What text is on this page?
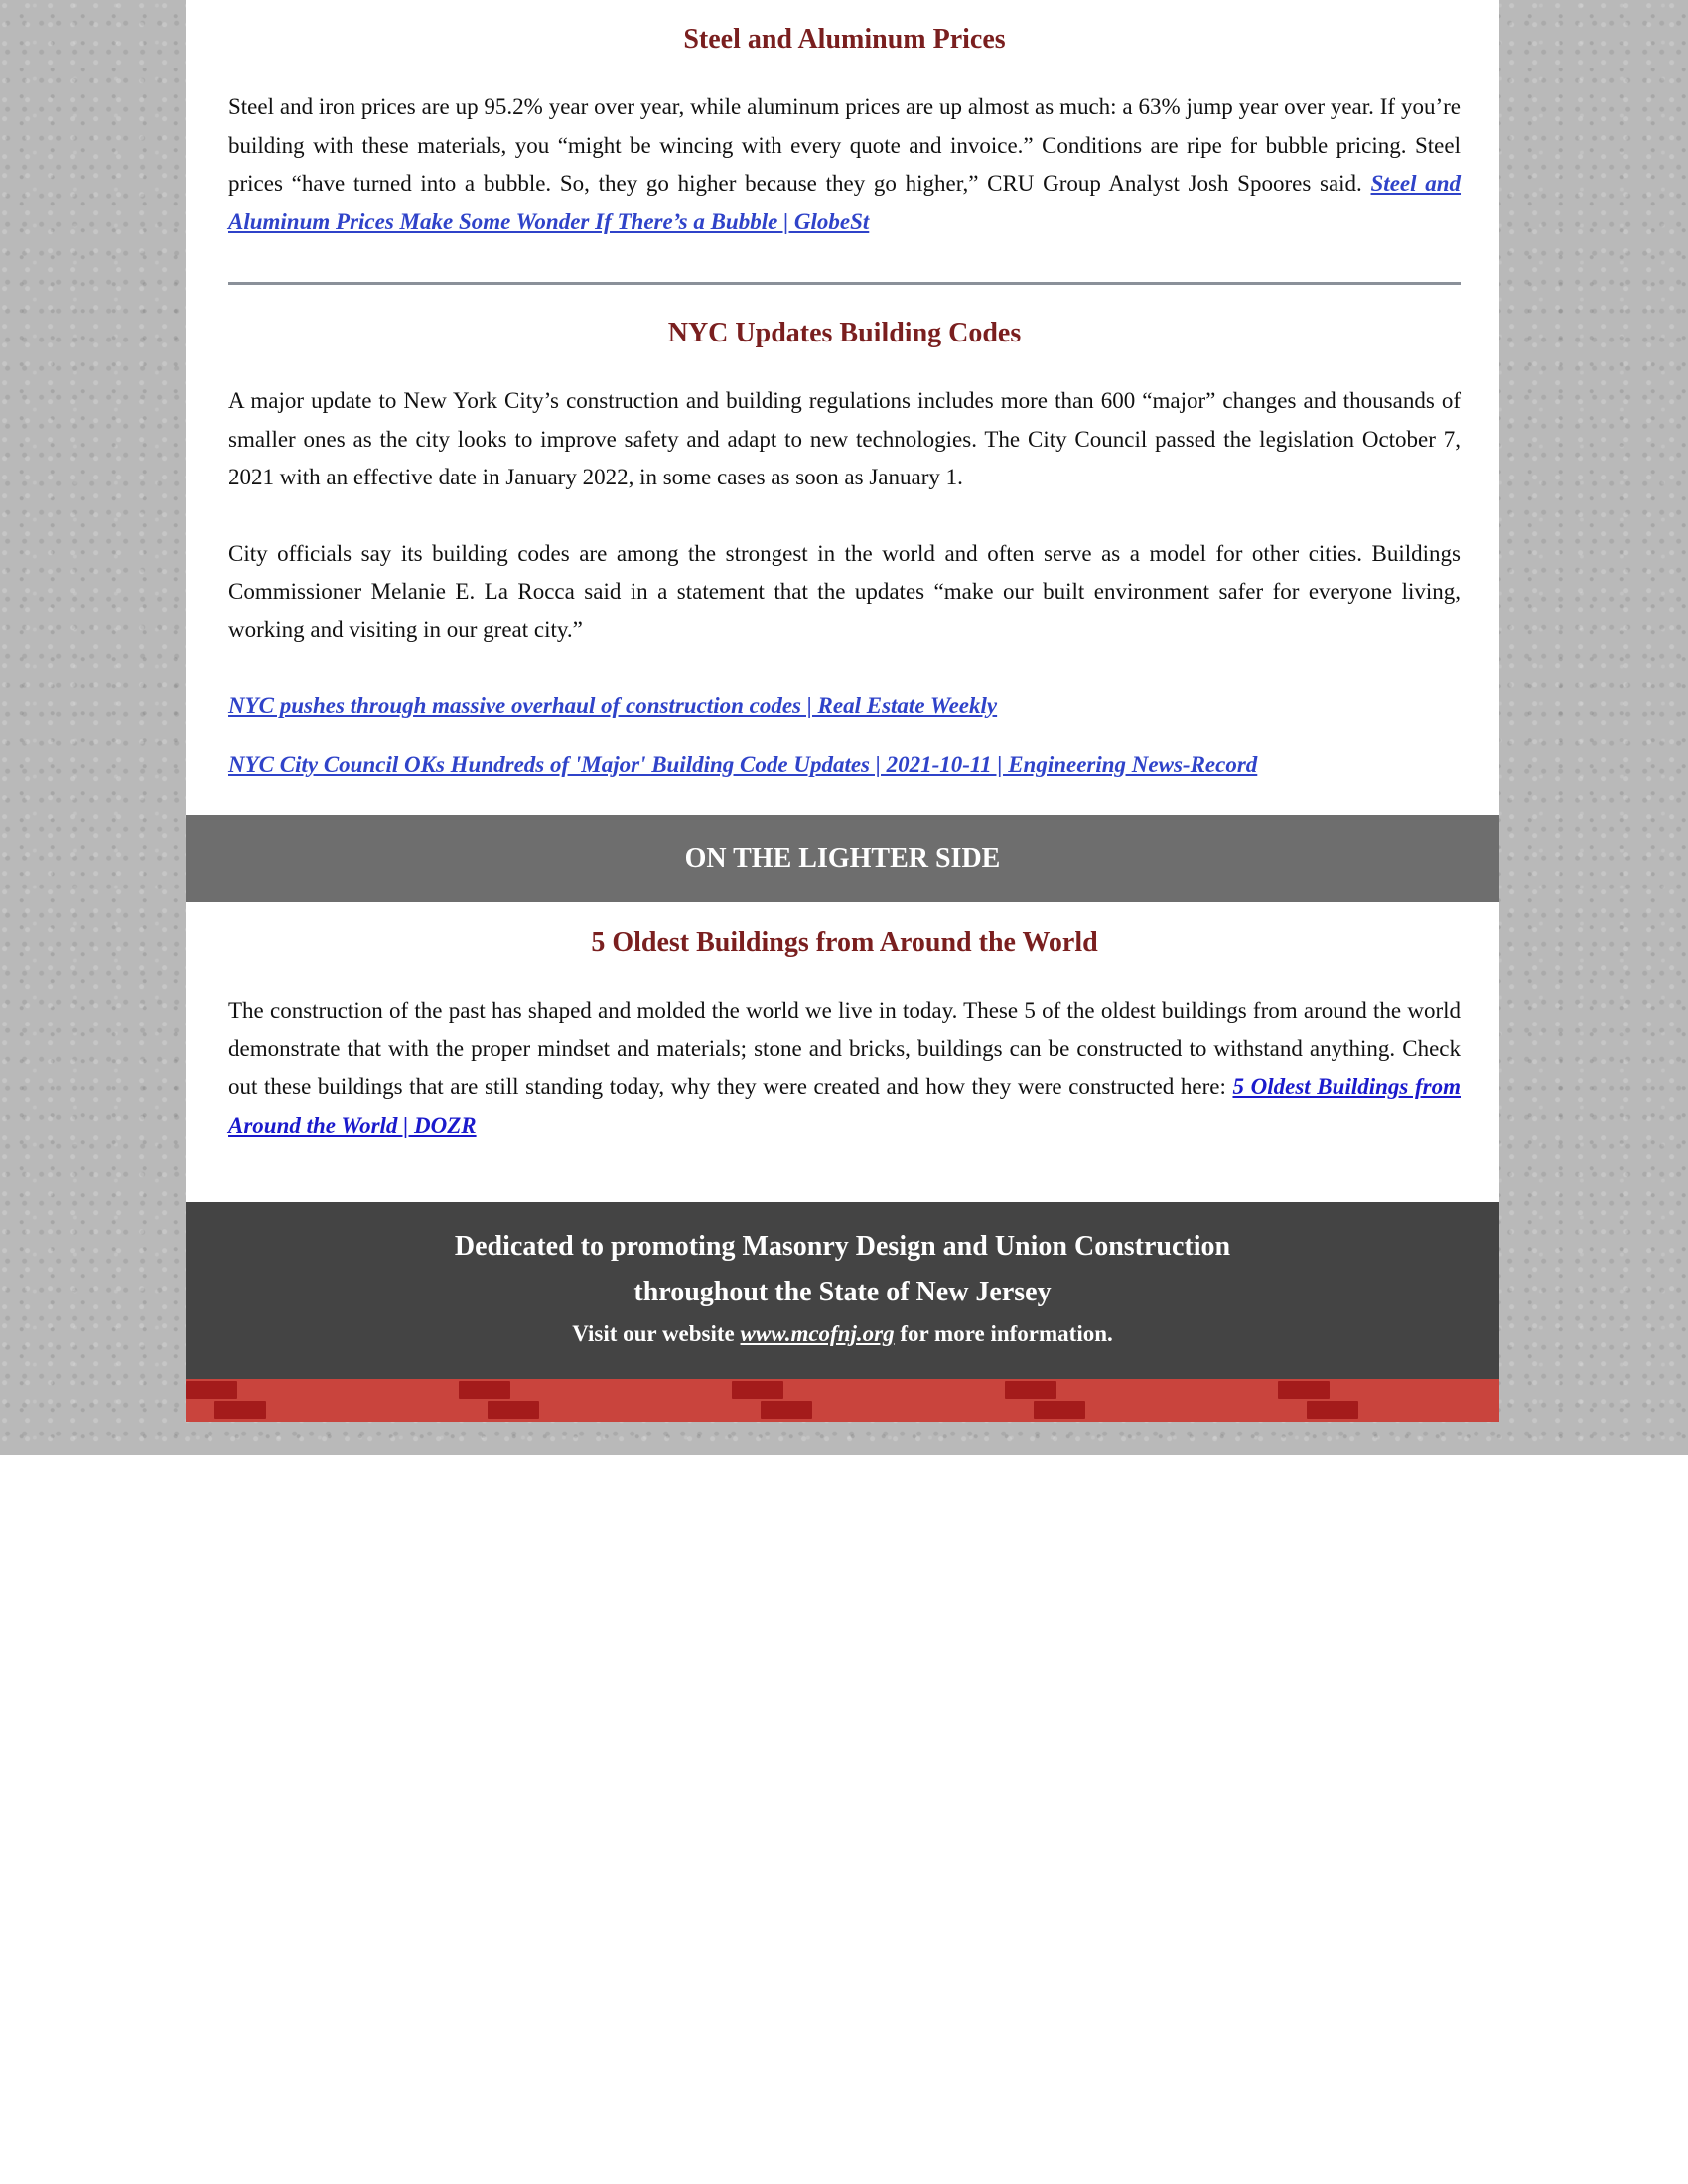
Steel and Aluminum Prices

Steel and iron prices are up 95.2% year over year, while aluminum prices are up almost as much: a 63% jump year over year. If you’re building with these materials, you “might be wincing with every quote and invoice.” Conditions are ripe for bubble pricing. Steel prices “have turned into a bubble. So, they go higher because they go higher,” CRU Group Analyst Josh Spoores said. Steel and Aluminum Prices Make Some Wonder If There’s a Bubble | GlobeSt

NYC Updates Building Codes

A major update to New York City’s construction and building regulations includes more than 600 “major” changes and thousands of smaller ones as the city looks to improve safety and adapt to new technologies. The City Council passed the legislation October 7, 2021 with an effective date in January 2022, in some cases as soon as January 1.

City officials say its building codes are among the strongest in the world and often serve as a model for other cities. Buildings Commissioner Melanie E. La Rocca said in a statement that the updates “make our built environment safer for everyone living, working and visiting in our great city.”

NYC pushes through massive overhaul of construction codes | Real Estate Weekly

NYC City Council OKs Hundreds of 'Major' Building Code Updates | 2021-10-11 | Engineering News-Record

ON THE LIGHTER SIDE
5 Oldest Buildings from Around the World

The construction of the past has shaped and molded the world we live in today. These 5 of the oldest buildings from around the world demonstrate that with the proper mindset and materials; stone and bricks, buildings can be constructed to withstand anything. Check out these buildings that are still standing today, why they were created and how they were constructed here: 5 Oldest Buildings from Around the World | DOZR

Dedicated to promoting Masonry Design and Union Construction
throughout the State of New Jersey
Visit our website www.mcofnj.org for more information.
